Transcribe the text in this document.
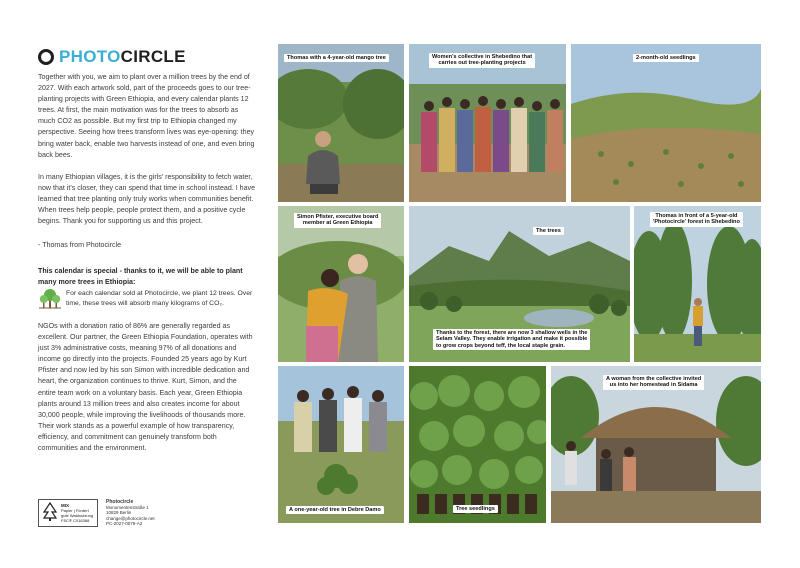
PHOTO CIRCLE
Together with you, we aim to plant over a million trees by the end of 2027. With each artwork sold, part of the proceeds goes to our tree-planting projects with Green Ethiopia, and every calendar plants 12 trees. At first, the main motivation was for the trees to absorb as much CO2 as possible. But my first trip to Ethiopia changed my perspective. Seeing how trees transform lives was eye-opening: they bring water back, enable two harvests instead of one, and even bring back bees.
In many Ethiopian villages, it is the girls' responsibility to fetch water, now that it's closer, they can spend that time in school instead. I have learned that tree planting only truly works when communities benefit. When trees help people, people protect them, and a positive cycle begins. Thank you for supporting us and this project.
- Thomas from Photocircle
This calendar is special - thanks to it, we will be able to plant many more trees in Ethiopia:
For each calendar sold at Photocircle, we plant 12 trees. Over time, these trees will absorb many kilograms of CO₂.
NGOs with a donation ratio of 86% are generally regarded as excellent. Our partner, the Green Ethiopia Foundation, operates with just 3% administrative costs, meaning 97% of all donations and income go directly into the projects. Founded 25 years ago by Kurt Pfister and now led by his son Simon with incredible dedication and heart, the organization continues to thrive. Kurt, Simon, and the entire team work on a voluntary basis. Each year, Green Ethiopia plants around 13 million trees and also creates income for about 30,000 people, while improving the livelihoods of thousands more. Their work stands as a powerful example of how transparency, efficiency, and commitment can genuinely transform both communities and the environment.
MIX
Papier | Fördert
gute Waldnutzung
FSC® C016368
Photocircle
Monumentenstraße 1
10829 Berlin
change@photocircle.net
PC-2027-0079-A2
Thomas with a 4-year-old mango tree	Women's collective in Shebedino that
carries out tree-planting projects
2-month-old seedlings
Simon Pfister, executive board
member at Green Ethiopia
The trees
Thanks to the forest, there are now 3 shallow wells in the
Selam Valley. They enable irrigation and make it possible
to grow crops beyond teff, the local staple grain.
Thomas in front of a 5-year-old
'Photocircle' forest in Shebedino
A one-year-old tree in Debre Damo	Tree seedlings
A woman from the collective invited
us into her homestead in Sidama
